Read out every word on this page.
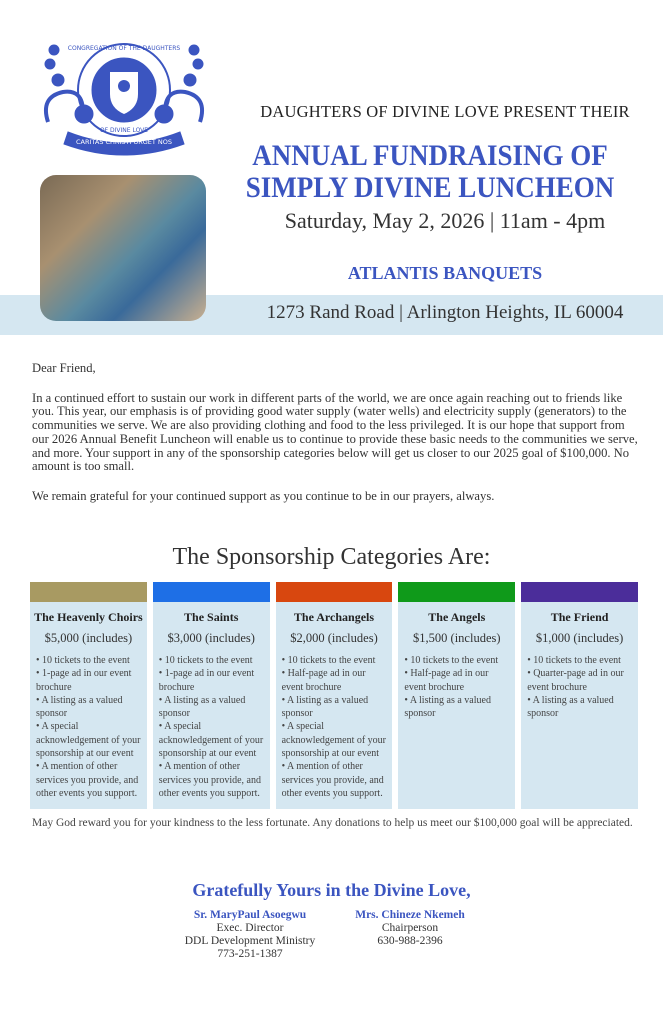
CARITAS CHRISTI URGET NOS
CONGREGATION OF THE DAUGHTERS
OF DIVINE LOVE
DAUGHTERS OF DIVINE LOVE PRESENT THEIR
ANNUAL FUNDRAISING OF
SIMPLY DIVINE LUNCHEON
Saturday, May 2, 2026 | 11am - 4pm
ATLANTIS BANQUETS
1273 Rand Road | Arlington Heights, IL 60004

Dear Friend,

In a continued effort to sustain our work in different parts of the world, we are once again reaching out to friends like you. This year, our emphasis is of providing good water supply (water wells) and electricity supply (generators) to the communities we serve. We are also providing clothing and food to the less privileged. It is our hope that support from our 2026 Annual Benefit Luncheon will enable us to continue to provide these basic needs to the communities we serve, and more. Your support in any of the sponsorship categories below will get us closer to our 2025 goal of $100,000. No amount is too small.

We remain grateful for your continued support as you continue to be in our prayers, always.

The Sponsorship Categories Are:
The Heavenly Choirs
$5,000 (includes)
• 10 tickets to the event
• 1-page ad in our event brochure
• A listing as a valued sponsor
• A special acknowledgement of your sponsorship at our event
• A mention of other services you provide, and other events you support.
The Saints
$3,000 (includes)
• 10 tickets to the event
• 1-page ad in our event brochure
• A listing as a valued sponsor
• A special acknowledgement of your sponsorship at our event
• A mention of other services you provide, and other events you support.
The Archangels
$2,000 (includes)
• 10 tickets to the event
• Half-page ad in our event brochure
• A listing as a valued sponsor
• A special acknowledgement of your sponsorship at our event
• A mention of other services you provide, and other events you support.
The Angels
$1,500 (includes)
• 10 tickets to the event
• Half-page ad in our event brochure
• A listing as a valued sponsor
The Friend
$1,000 (includes)
• 10 tickets to the event
• Quarter-page ad in our event brochure
• A listing as a valued sponsor
May God reward you for your kindness to the less fortunate. Any donations to help us meet our $100,000 goal will be appreciated.
Gratefully Yours in the Divine Love,
Sr. MaryPaul Asoegwu
Exec. Director
DDL Development Ministry
773-251-1387
Mrs. Chineze Nkemeh
Chairperson
630-988-2396
